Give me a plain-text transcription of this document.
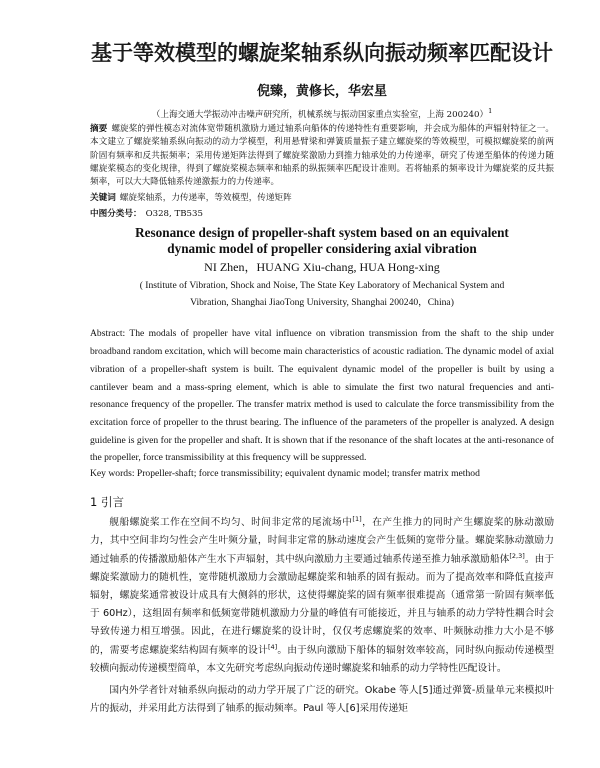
基于等效模型的螺旋桨轴系纵向振动频率匹配设计
倪臻，黄修长，华宏星
（上海交通大学振动冲击噪声研究所，机械系统与振动国家重点实验室，上海 200240）$^1$
摘要 螺旋桨的弹性模态对流体宽带随机激励力通过轴系向船体的传递特性有重要影响，并会成为船体的声辐射特征之一。本文建立了螺旋桨轴系纵向振动的动力学模型，利用悬臂梁和弹簧质量振子建立螺旋桨的等效模型，可模拟螺旋桨的前两阶固有频率和反共振频率；采用传递矩阵法得到了螺旋桨激励力到推力轴承处的力传递率，研究了传递至船体的传递力随螺旋桨模态的变化规律，得到了螺旋桨模态频率和轴系的纵振频率匹配设计准则。若将轴系的频率设计为螺旋桨的反共振频率，可以大大降低轴系传递激振力的力传递率。
关键词 螺旋桨轴系，力传递率，等效模型，传递矩阵
中图分类号： O328, TB535
Resonance design of propeller-shaft system based on an equivalent
dynamic model of propeller considering axial vibration
NI Zhen，HUANG Xiu-chang, HUA Hong-xing
( Institute of Vibration, Shock and Noise, The State Key Laboratory of Mechanical System and
Vibration, Shanghai JiaoTong University, Shanghai 200240，China)
Abstract: The modals of propeller have vital influence on vibration transmission from the shaft to the ship under broadband random excitation, which will become main characteristics of acoustic radiation. The dynamic model of axial vibration of a propeller-shaft system is built. The equivalent dynamic model of the propeller is built by using a cantilever beam and a mass-spring element, which is able to simulate the first two natural frequencies and anti-resonance frequency of the propeller. The transfer matrix method is used to calculate the force transmissibility from the excitation force of propeller to the thrust bearing. The influence of the parameters of the propeller is analyzed. A design guideline is given for the propeller and shaft. It is shown that if the resonance of the shaft locates at the anti-resonance of the propeller, force transmissibility at this frequency will be suppressed.
Key words: Propeller-shaft; force transmissibility; equivalent dynamic model; transfer matrix method
1 引言

舰船螺旋桨工作在空间不均匀、时间非定常的尾流场中[1]，在产生推力的同时产生螺旋桨的脉动激励力，其中空间非均匀性会产生叶频分量，时间非定常的脉动速度会产生低频的宽带分量。螺旋桨脉动激励力通过轴系的传播激励船体产生水下声辐射，其中纵向激励力主要通过轴系传递至推力轴承激励船体[2,3]。由于螺旋桨激励力的随机性，宽带随机激励力会激励起螺旋桨和轴系的固有振动。而为了提高效率和降低直接声辐射，螺旋桨通常被设计成具有大侧斜的形状，这使得螺旋桨的固有频率很难提高（通常第一阶固有频率低于 60Hz），这组固有频率和低频宽带随机激励力分量的峰值有可能接近，并且与轴系的动力学特性耦合时会导致传递力相互增强。因此，在进行螺旋桨的设计时，仅仅考虑螺旋桨的效率、叶频脉动推力大小是不够的，需要考虑螺旋桨结构固有频率的设计[4]。由于纵向激励下船体的辐射效率较高，同时纵向振动传递模型较横向振动传递模型简单，本文先研究考虑纵向振动传递时螺旋桨和轴系的动力学特性匹配设计。

国内外学者针对轴系纵向振动的动力学开展了广泛的研究。Okabe 等人[5]通过弹簧-质量单元来模拟叶片的振动，并采用此方法得到了轴系的振动频率。Paul 等人[6]采用传递矩
